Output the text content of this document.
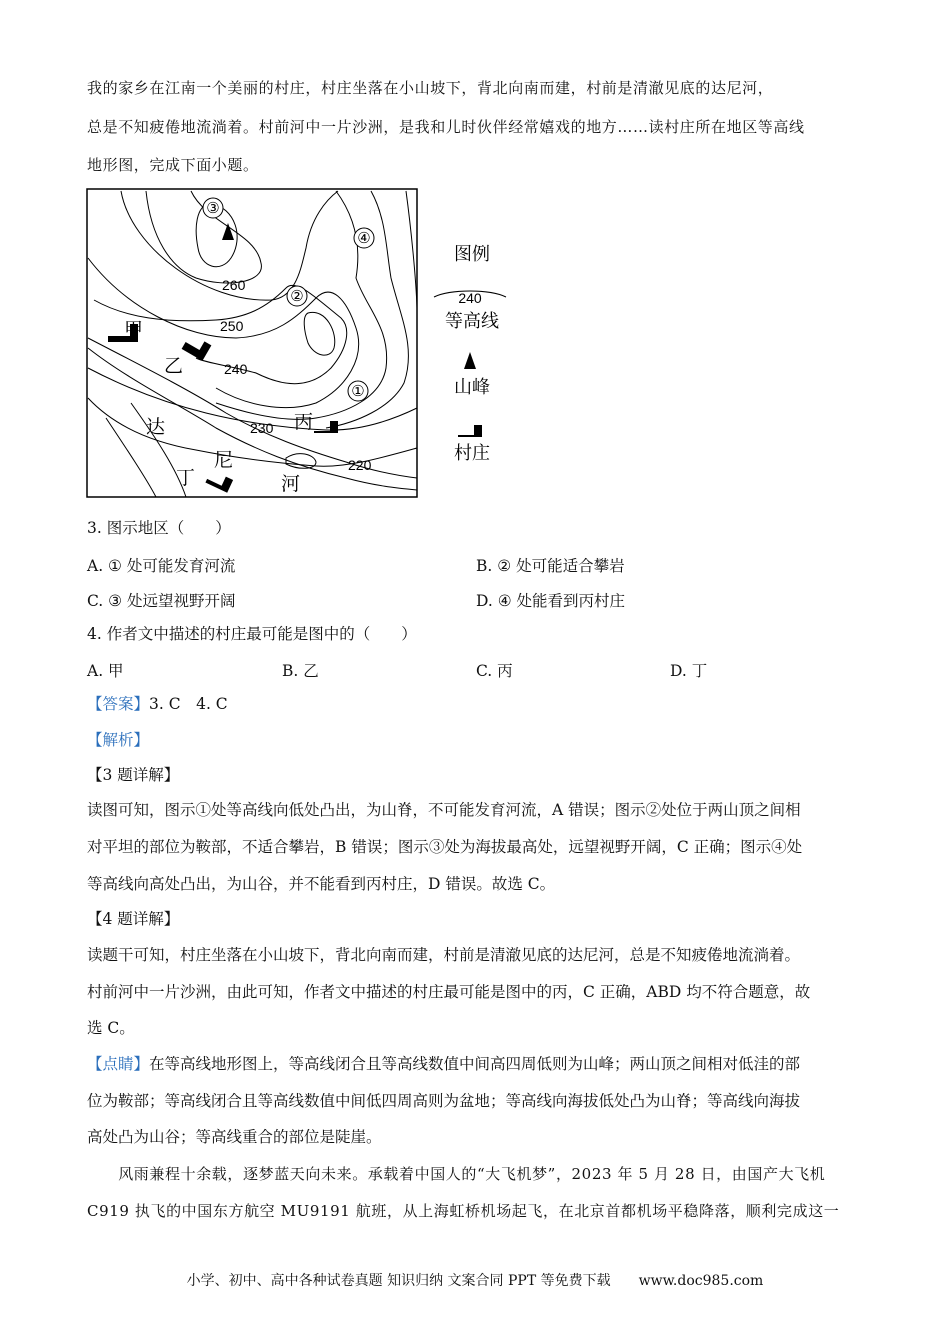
我的家乡在江南一个美丽的村庄，村庄坐落在小山坡下，背北向南而建，村前是清澈见底的达尼河，
总是不知疲倦地流淌着。村前河中一片沙洲，是我和儿时伙伴经常嬉戏的地方……读村庄所在地区等高线
地形图，完成下面小题。
③
②
④
①
260
250
240
230
220
甲
乙
丙
丁
达
尼
河
图例
240
等高线
山峰
村庄
3. 图示地区（　　）
A. ① 处可能发育河流	B. ② 处可能适合攀岩
C. ③ 处远望视野开阔	D. ④ 处能看到丙村庄
4. 作者文中描述的村庄最可能是图中的（　　）
A. 甲	B. 乙	C. 丙	D. 丁
【答案】3. C　4. C
【解析】
【3 题详解】
读图可知，图示①处等高线向低处凸出，为山脊，不可能发育河流，A 错误；图示②处位于两山顶之间相
对平坦的部位为鞍部，不适合攀岩，B 错误；图示③处为海拔最高处，远望视野开阔，C 正确；图示④处
等高线向高处凸出，为山谷，并不能看到丙村庄，D 错误。故选 C。
【4 题详解】
读题干可知，村庄坐落在小山坡下，背北向南而建，村前是清澈见底的达尼河，总是不知疲倦地流淌着。
村前河中一片沙洲，由此可知，作者文中描述的村庄最可能是图中的丙，C 正确，ABD 均不符合题意，故
选 C。
【点睛】在等高线地形图上，等高线闭合且等高线数值中间高四周低则为山峰；两山顶之间相对低洼的部
位为鞍部；等高线闭合且等高线数值中间低四周高则为盆地；等高线向海拔低处凸为山脊；等高线向海拔
高处凸为山谷；等高线重合的部位是陡崖。
　　风雨兼程十余载，逐梦蓝天向未来。承载着中国人的“大飞机梦”，2023 年 5 月 28 日，由国产大飞机
C919 执飞的中国东方航空 MU9191 航班，从上海虹桥机场起飞，在北京首都机场平稳降落，顺利完成这一
小学、初中、高中各种试卷真题 知识归纳 文案合同 PPT 等免费下载　　www.doc985.com
